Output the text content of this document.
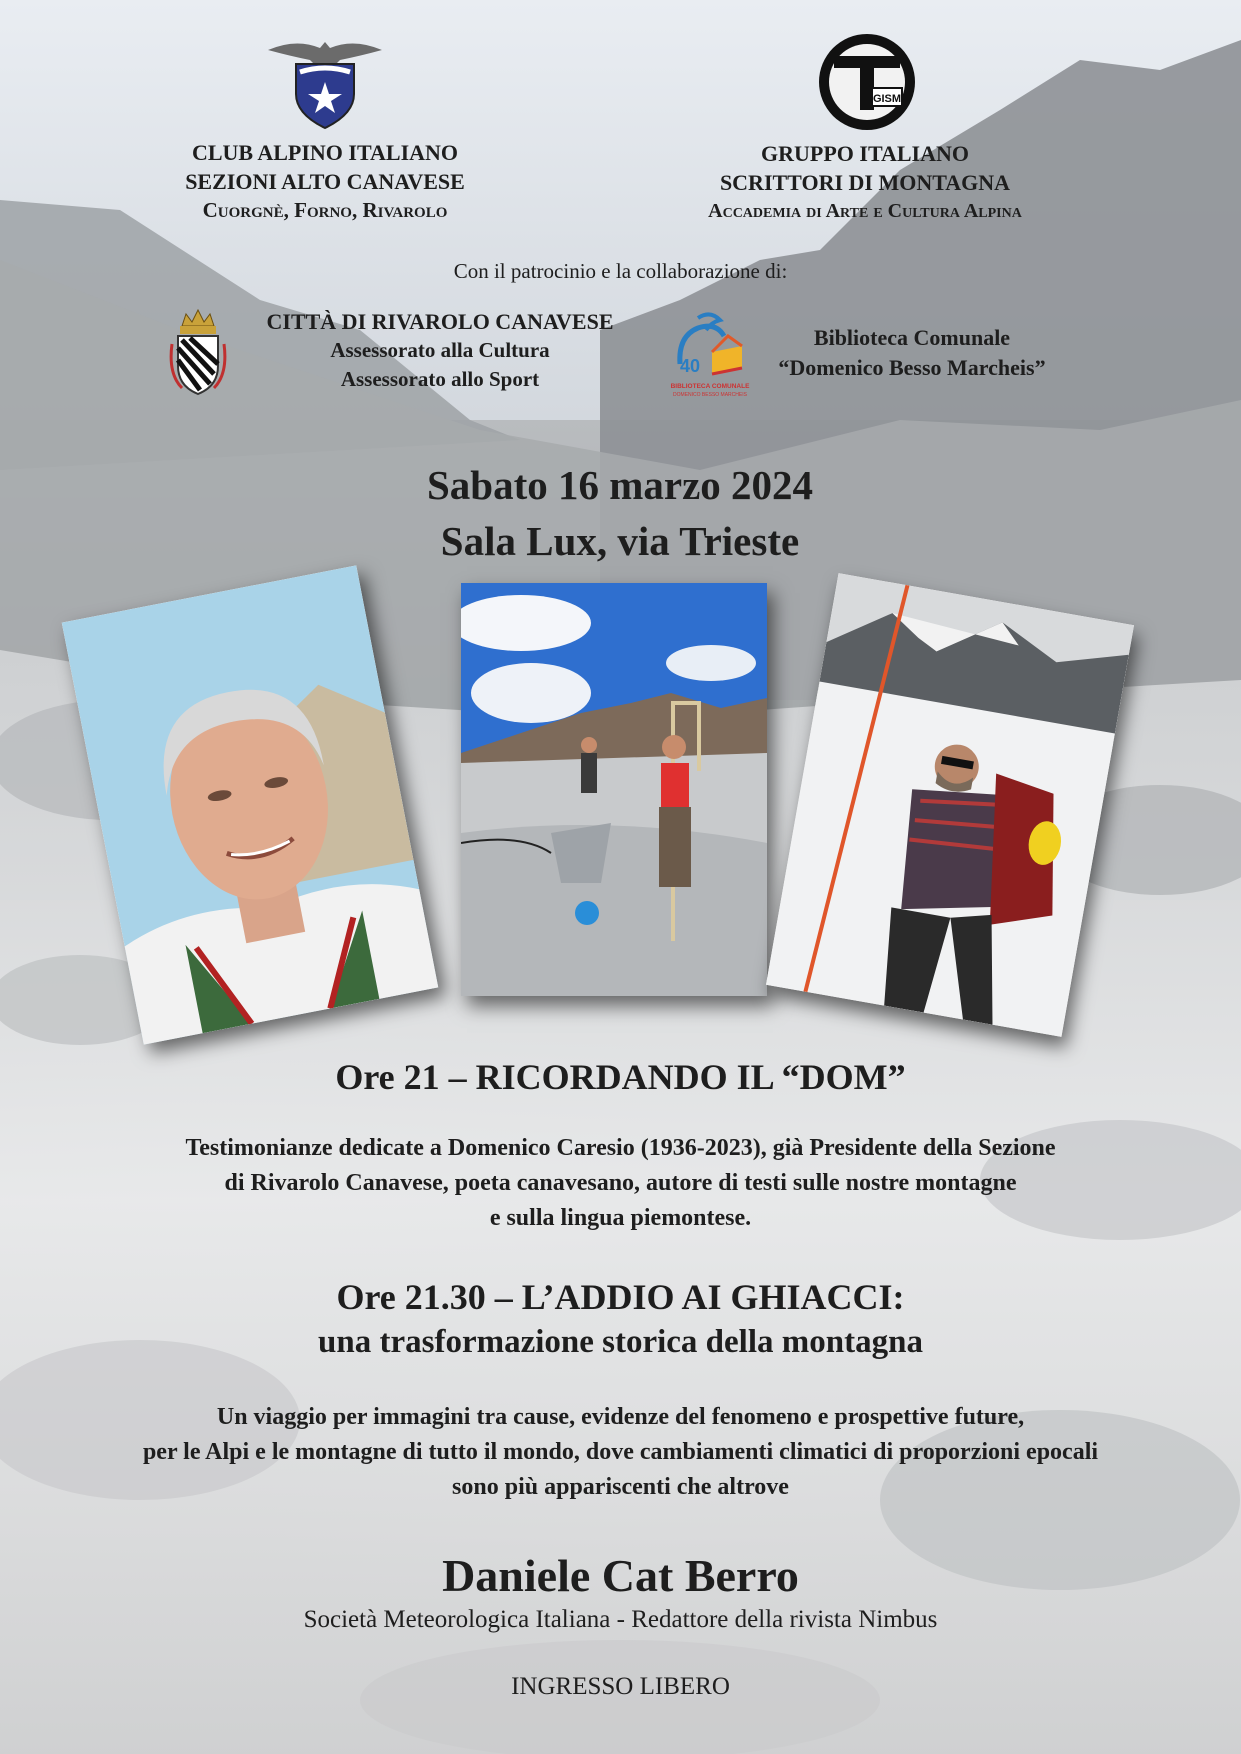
CLUB ALPINO ITALIANO
SEZIONI ALTO CANAVESE
Cuorgnè, Forno, Rivarolo
GISM
GRUPPO ITALIANO
SCRITTORI DI MONTAGNA
Accademia di Arte e Cultura Alpina
Con il patrocinio e la collaborazione di:
CITTÀ DI RIVAROLO CANAVESE
Assessorato alla Cultura
Assessorato allo Sport
40
BIBLIOTECA COMUNALE
DOMENICO BESSO MARCHEIS
Biblioteca Comunale
“Domenico Besso Marcheis”
Sabato 16 marzo 2024
Sala Lux, via Trieste
Ore 21 – RICORDANDO IL “DOM”
Testimonianze dedicate a Domenico Caresio (1936-2023), già Presidente della Sezione
di Rivarolo Canavese, poeta canavesano, autore di testi sulle nostre montagne
e sulla lingua piemontese.
Ore 21.30 – L’ADDIO AI GHIACCI:
una trasformazione storica della montagna
Un viaggio per immagini tra cause, evidenze del fenomeno e prospettive future,
per le Alpi e le montagne di tutto il mondo, dove cambiamenti climatici di proporzioni epocali
sono più appariscenti che altrove
Daniele Cat Berro
Società Meteorologica Italiana - Redattore della rivista Nimbus
INGRESSO LIBERO
